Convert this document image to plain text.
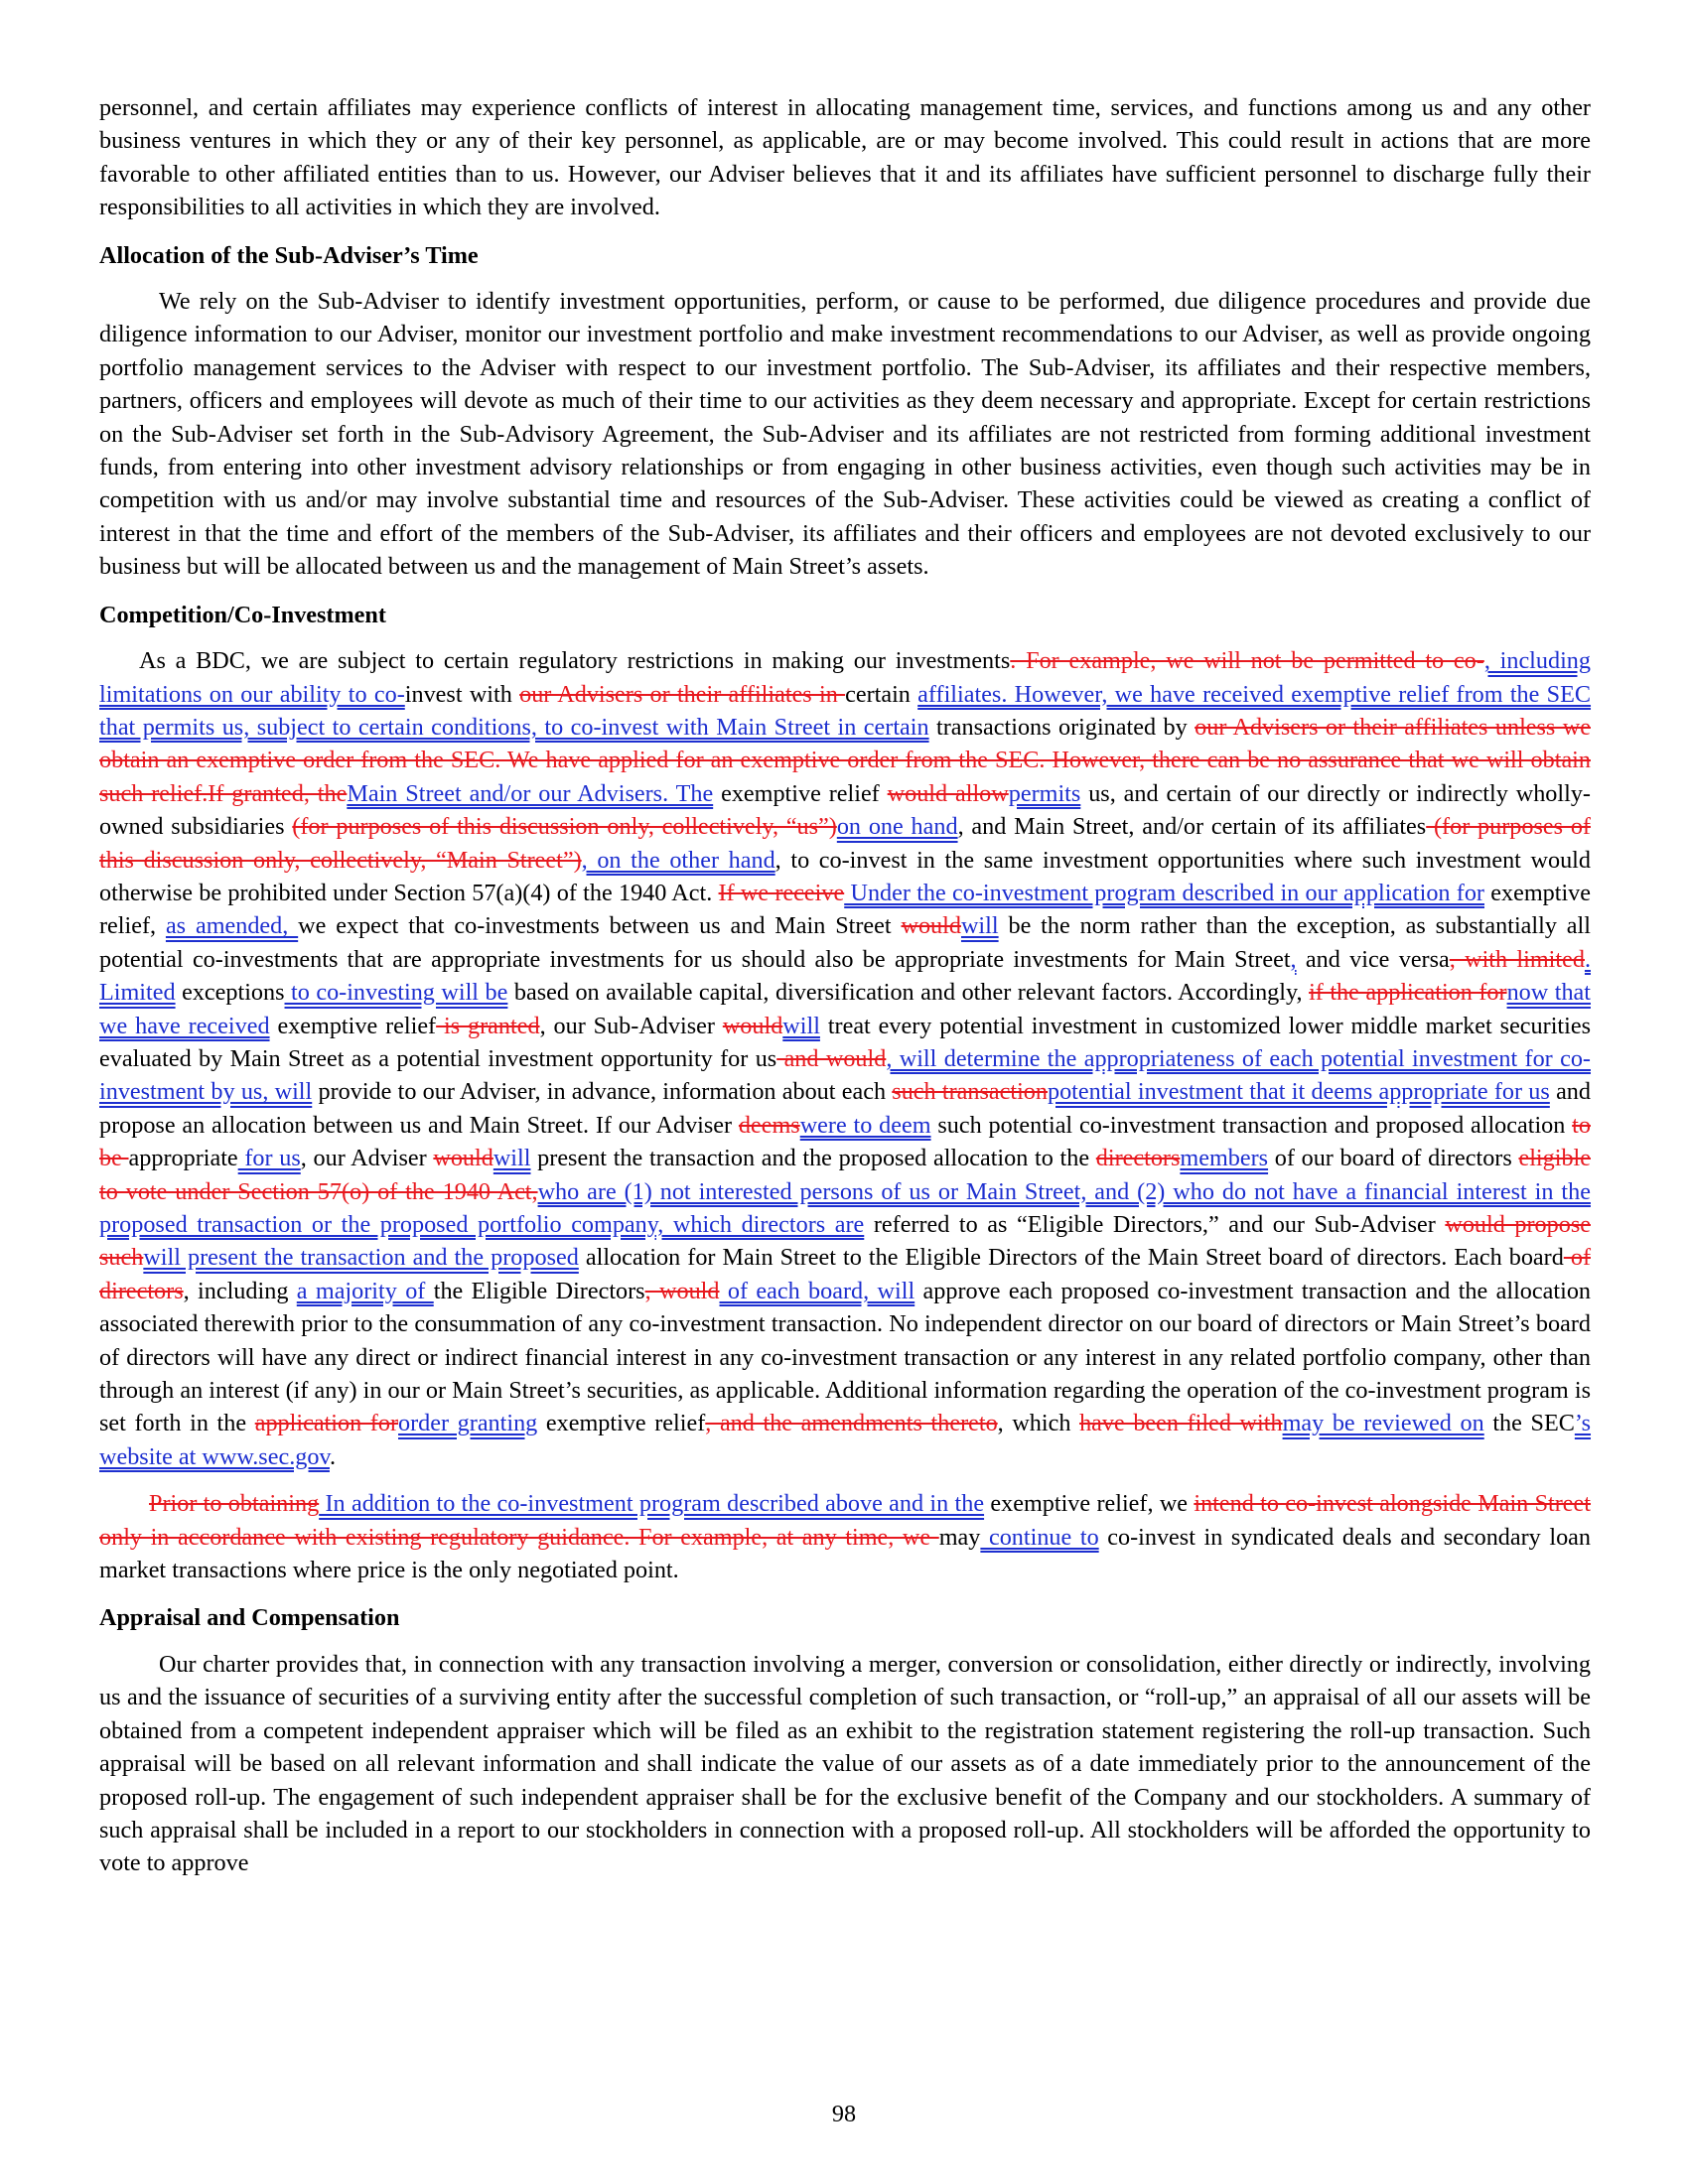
personnel, and certain affiliates may experience conflicts of interest in allocating management time, services, and functions among us and any other business ventures in which they or any of their key personnel, as applicable, are or may become involved. This could result in actions that are more favorable to other affiliated entities than to us. However, our Adviser believes that it and its affiliates have sufficient personnel to discharge fully their responsibilities to all activities in which they are involved.

Allocation of the Sub-Adviser’s Time

We rely on the Sub-Adviser to identify investment opportunities, perform, or cause to be performed, due diligence procedures and provide due diligence information to our Adviser, monitor our investment portfolio and make investment recommendations to our Adviser, as well as provide ongoing portfolio management services to the Adviser with respect to our investment portfolio. The Sub-Adviser, its affiliates and their respective members, partners, officers and employees will devote as much of their time to our activities as they deem necessary and appropriate. Except for certain restrictions on the Sub-Adviser set forth in the Sub-Advisory Agreement, the Sub-Adviser and its affiliates are not restricted from forming additional investment funds, from entering into other investment advisory relationships or from engaging in other business activities, even though such activities may be in competition with us and/or may involve substantial time and resources of the Sub-Adviser. These activities could be viewed as creating a conflict of interest in that the time and effort of the members of the Sub-Adviser, its affiliates and their officers and employees are not devoted exclusively to our business but will be allocated between us and the management of Main Street’s assets.

Competition/Co-Investment

As a BDC, we are subject to certain regulatory restrictions in making our investments. For example, we will not be permitted to co-, including limitations on our ability to co-invest with our Advisers or their affiliates in certain affiliates. However, we have received exemptive relief from the SEC that permits us, subject to certain conditions, to co-invest with Main Street in certain transactions originated by our Advisers or their affiliates unless we obtain an exemptive order from the SEC. We have applied for an exemptive order from the SEC. However, there can be no assurance that we will obtain such relief.If granted, theMain Street and/or our Advisers. The exemptive relief would allowpermits us, and certain of our directly or indirectly wholly-owned subsidiaries (for purposes of this discussion only, collectively, “us”)on one hand, and Main Street, and/or certain of its affiliates (for purposes of this discussion only, collectively, “Main Street”), on the other hand, to co-invest in the same investment opportunities where such investment would otherwise be prohibited under Section 57(a)(4) of the 1940 Act. If we receive Under the co-investment program described in our application for exemptive relief, as amended, we expect that co-investments between us and Main Street wouldwill be the norm rather than the exception, as substantially all potential co-investments that are appropriate investments for us should also be appropriate investments for Main Street, and vice versa, with limited. Limited exceptions to co-investing will be based on available capital, diversification and other relevant factors. Accordingly, if the application fornow that we have received exemptive relief is granted, our Sub-Adviser wouldwill treat every potential investment in customized lower middle market securities evaluated by Main Street as a potential investment opportunity for us and would, will determine the appropriateness of each potential investment for co-investment by us, will provide to our Adviser, in advance, information about each such transactionpotential investment that it deems appropriate for us and propose an allocation between us and Main Street. If our Adviser deemswere to deem such potential co-investment transaction and proposed allocation to be appropriate for us, our Adviser wouldwill present the transaction and the proposed allocation to the directorsmembers of our board of directors eligible to vote under Section 57(o) of the 1940 Act,who are (1) not interested persons of us or Main Street, and (2) who do not have a financial interest in the proposed transaction or the proposed portfolio company, which directors are referred to as “Eligible Directors,” and our Sub-Adviser would propose suchwill present the transaction and the proposed allocation for Main Street to the Eligible Directors of the Main Street board of directors. Each board of directors, including a majority of the Eligible Directors, would of each board, will approve each proposed co-investment transaction and the allocation associated therewith prior to the consummation of any co-investment transaction. No independent director on our board of directors or Main Street’s board of directors will have any direct or indirect financial interest in any co-investment transaction or any interest in any related portfolio company, other than through an interest (if any) in our or Main Street’s securities, as applicable. Additional information regarding the operation of the co-investment program is set forth in the application fororder granting exemptive relief, and the amendments thereto, which have been filed withmay be reviewed on the SEC’s website at www.sec.gov.

Prior to obtaining In addition to the co-investment program described above and in the exemptive relief, we intend to co-invest alongside Main Street only in accordance with existing regulatory guidance. For example, at any time, we may continue to co-invest in syndicated deals and secondary loan market transactions where price is the only negotiated point.

Appraisal and Compensation

Our charter provides that, in connection with any transaction involving a merger, conversion or consolidation, either directly or indirectly, involving us and the issuance of securities of a surviving entity after the successful completion of such transaction, or “roll-up,” an appraisal of all our assets will be obtained from a competent independent appraiser which will be filed as an exhibit to the registration statement registering the roll-up transaction. Such appraisal will be based on all relevant information and shall indicate the value of our assets as of a date immediately prior to the announcement of the proposed roll-up. The engagement of such independent appraiser shall be for the exclusive benefit of the Company and our stockholders. A summary of such appraisal shall be included in a report to our stockholders in connection with a proposed roll-up. All stockholders will be afforded the opportunity to vote to approve

98
